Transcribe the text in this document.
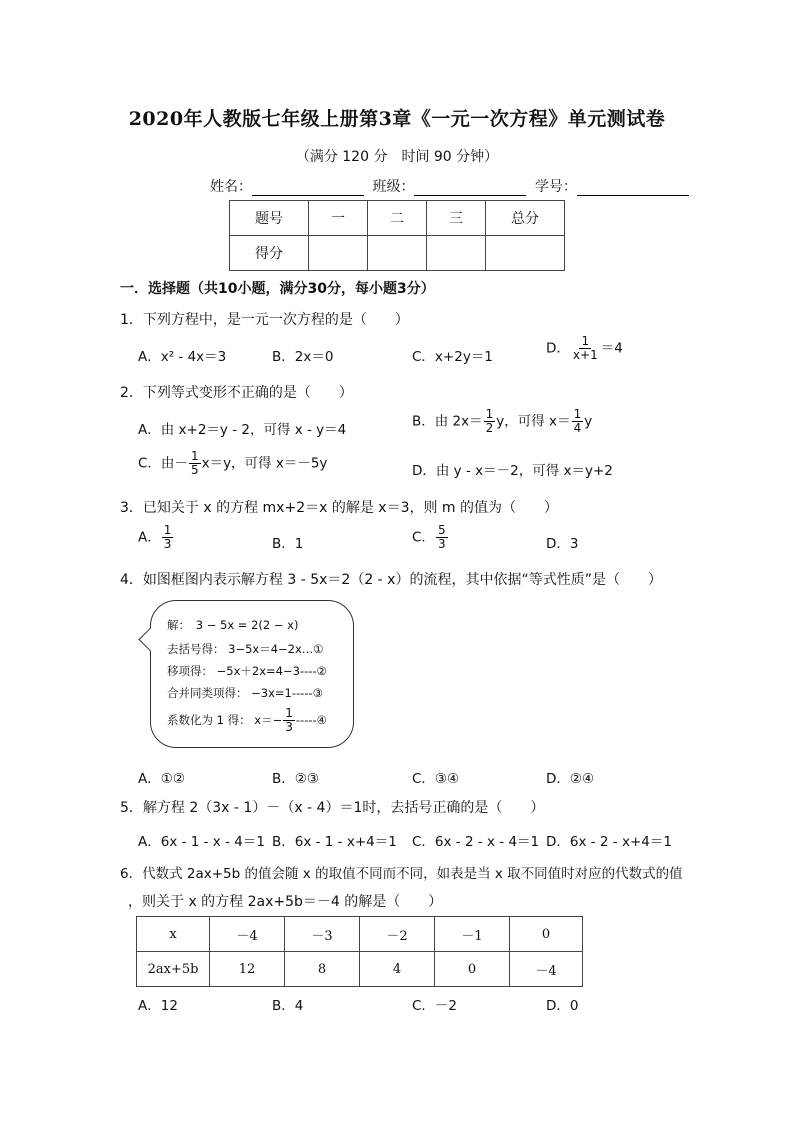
2020年人教版七年级上册第3章《一元一次方程》单元测试卷
（满分 120 分　时间 90 分钟）
姓名：	班级：	学号：
题号	一	二	三	总分
得分				
一．选择题（共10小题，满分30分，每小题3分）
1．下列方程中，是一元一次方程的是（　　）
A．x² - 4x＝3	B．2x＝0	C．x+2y＝1
D． $\frac{1}{x+1} =4$
2．下列等式变形不正确的是（　　）
A．由 x+2＝y - 2，可得 x - y＝4
B．由 $2x= \frac{1}{2}$ y，可得 $x= \frac{1}{4}$ y
C．由－ $\frac{1}{5} x=y$，可得 x＝－5y	D．由 y - x＝－2，可得 x＝y+2
3．已知关于 x 的方程 mx+2＝x 的解是 x＝3，则 m 的值为（　　）
A． $\frac{1}{3}$	B．1	C． $\frac{5}{3}$	D．3
4．如图框图内表示解方程 3 - 5x＝2（2 - x）的流程，其中依据“等式性质”是（　　）
解：　3 − 5x = 2(2 − x)
去括号得： 3−5x＝4−2x…①
移项得： −5x＋2x=4−3----②
合并同类项得： −3x=1-----③
系数化为 1 得： $x=- \frac{1}{3}$ -----④
A．①②	B．②③	C．③④	D．②④
5．解方程 2（3x - 1）－（x - 4）＝1时，去括号正确的是（　　）
A．6x - 1 - x - 4＝1 B．6x - 1 - x+4＝1 C．6x - 2 - x - 4＝1 D．6x - 2 - x+4＝1
6．代数式 2ax+5b 的值会随 x 的取值不同而不同，如表是当 x 取不同值时对应的代数式的值
，则关于 x 的方程 2ax+5b＝－4 的解是（　　）
x	－4	－3	－2	－1	0
2ax+5b	12	8	4	0	－4
A．12	B．4	C．－2	D．0
